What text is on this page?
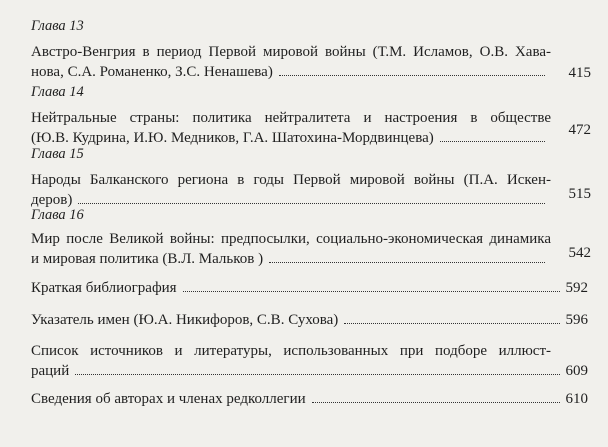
Глава 13

Австро-Венгрия в период Первой мировой войны (Т.М. Исламов, О.В. Хава-
нова, С.А. Романенко, З.С. Ненашева)	415

Глава 14

Нейтральные страны: политика нейтралитета и настроения в обществе
(Ю.В. Кудрина, И.Ю. Медников, Г.А. Шатохина-Мордвинцева)	472

Глава 15

Народы Балканского региона в годы Первой мировой войны (П.А. Искен-
деров)	515

Глава 16

Мир после Великой войны: предпосылки, социально-экономическая динамика
и мировая политика (В.Л. Мальков )	542
Краткая библиография	592
Указатель имен (Ю.А. Никифоров, С.В. Сухова)	596
Список источников и литературы, использованных при подборе иллюст-
раций	609
Сведения об авторах и членах редколлегии	610
